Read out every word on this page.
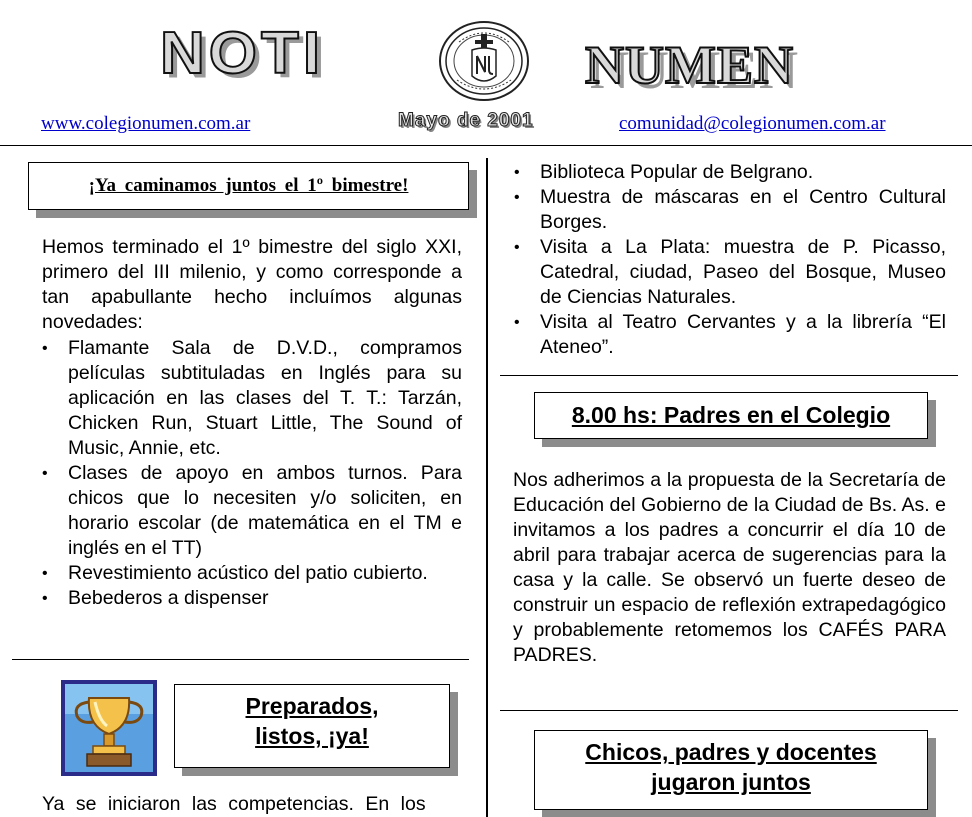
NOTI	NUMEN
www.colegionumen.com.ar	Mayo de 2001	comunidad@colegionumen.com.ar
¡Ya caminamos juntos el 1º bimestre!

Hemos terminado el 1º bimestre del siglo XXI, primero del III milenio, y como corresponde a tan apabullante hecho incluímos algunas novedades:

• Flamante Sala de D.V.D., compramos películas subtituladas en Inglés para su aplicación en las clases del T. T.: Tarzán, Chicken Run, Stuart Little, The Sound of Music, Annie, etc.
• Clases de apoyo en ambos turnos. Para chicos que lo necesiten y/o soliciten, en horario escolar (de matemática en el TM e inglés en el TT)
• Revestimiento acústico del patio cubierto.
• Bebederos a dispenser
Preparados,
listos, ¡ya!

Ya se iniciaron las competencias. En los

• Biblioteca Popular de Belgrano.
• Muestra de máscaras en el Centro Cultural Borges.
• Visita a La Plata: muestra de P. Picasso, Catedral, ciudad, Paseo del Bosque, Museo de Ciencias Naturales.
• Visita al Teatro Cervantes y a la librería “El Ateneo”.
8.00 hs: Padres en el Colegio

Nos adherimos a la propuesta de la Secretaría de Educación del Gobierno de la Ciudad de Bs. As. e invitamos a los padres a concurrir el día 10 de abril para trabajar acerca de sugerencias para la casa y la calle. Se observó un fuerte deseo de construir un espacio de reflexión extrapedagógico y probablemente retomemos los CAFÉS PARA PADRES.

Chicos, padres y docentes
jugaron juntos
